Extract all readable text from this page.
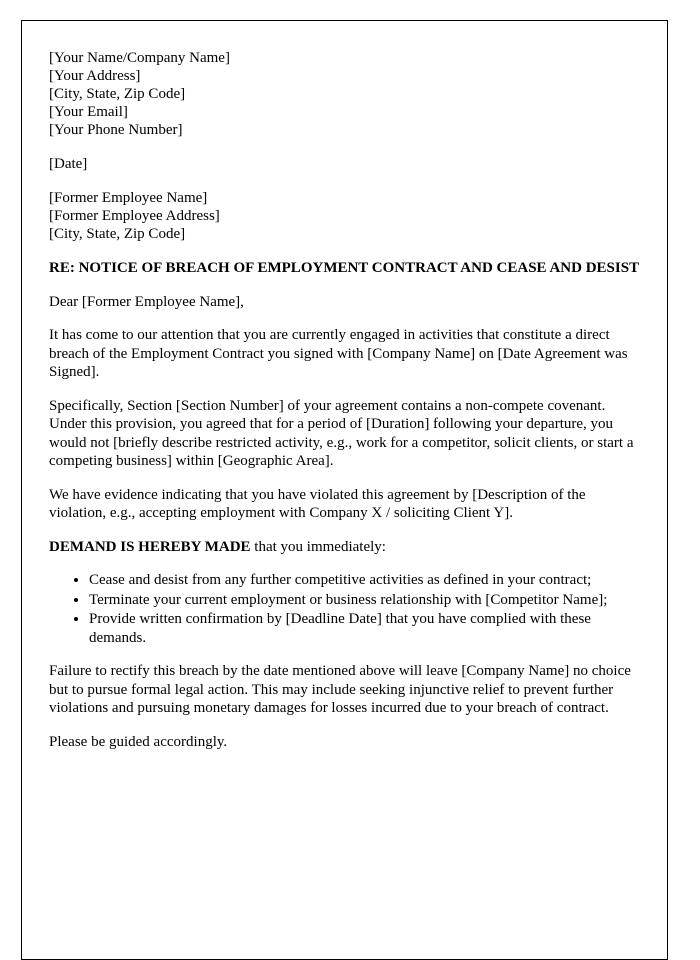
[Your Name/Company Name]
[Your Address]
[City, State, Zip Code]
[Your Email]
[Your Phone Number]
[Date]
[Former Employee Name]
[Former Employee Address]
[City, State, Zip Code]

RE: NOTICE OF BREACH OF EMPLOYMENT CONTRACT AND CEASE AND DESIST

Dear [Former Employee Name],

It has come to our attention that you are currently engaged in activities that constitute a direct breach of the Employment Contract you signed with [Company Name] on [Date Agreement was Signed].

Specifically, Section [Section Number] of your agreement contains a non-compete covenant. Under this provision, you agreed that for a period of [Duration] following your departure, you would not [briefly describe restricted activity, e.g., work for a competitor, solicit clients, or start a competing business] within [Geographic Area].

We have evidence indicating that you have violated this agreement by [Description of the violation, e.g., accepting employment with Company X / soliciting Client Y].

DEMAND IS HEREBY MADE that you immediately:

• Cease and desist from any further competitive activities as defined in your contract;
• Terminate your current employment or business relationship with [Competitor Name];
• Provide written confirmation by [Deadline Date] that you have complied with these demands.

Failure to rectify this breach by the date mentioned above will leave [Company Name] no choice but to pursue formal legal action. This may include seeking injunctive relief to prevent further violations and pursuing monetary damages for losses incurred due to your breach of contract.

Please be guided accordingly.
